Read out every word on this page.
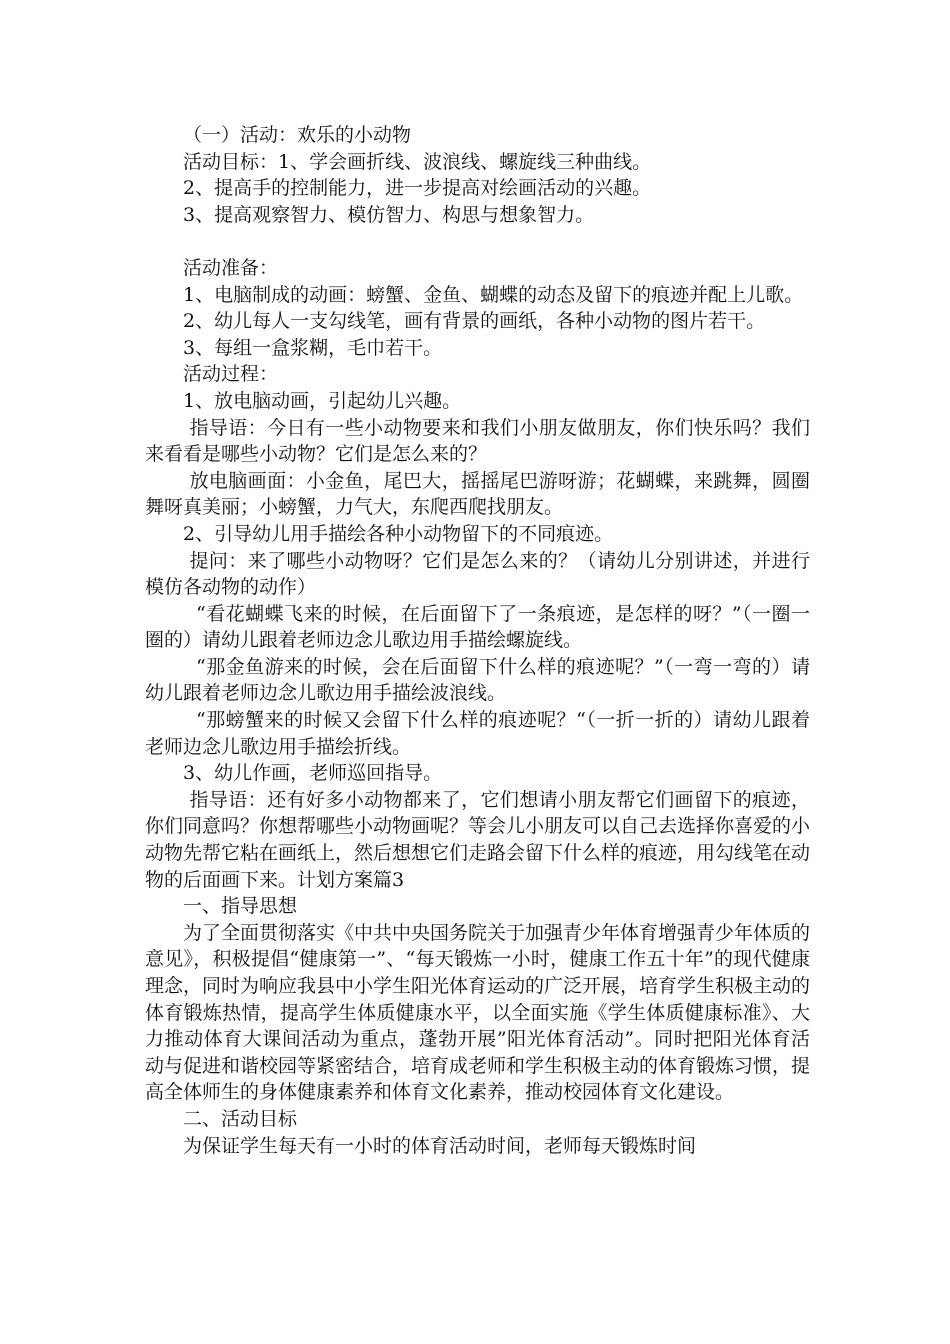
（一）活动：欢乐的小动物

活动目标：1、学会画折线、波浪线、螺旋线三种曲线。

2、提高手的控制能力，进一步提高对绘画活动的兴趣。

3、提高观察智力、模仿智力、构思与想象智力。

活动准备：

1、电脑制成的动画：螃蟹、金鱼、蝴蝶的动态及留下的痕迹并配上儿歌。

2、幼儿每人一支勾线笔，画有背景的画纸，各种小动物的图片若干。

3、每组一盒浆糊，毛巾若干。

活动过程：

1、放电脑动画，引起幼儿兴趣。

指导语：今日有一些小动物要来和我们小朋友做朋友，你们快乐吗？我们来看看是哪些小动物？它们是怎么来的？

放电脑画面：小金鱼，尾巴大，摇摇尾巴游呀游；花蝴蝶，来跳舞，圆圈舞呀真美丽；小螃蟹，力气大，东爬西爬找朋友。

2、引导幼儿用手描绘各种小动物留下的不同痕迹。

提问：来了哪些小动物呀？它们是怎么来的？（请幼儿分别讲述，并进行模仿各动物的动作）

“看花蝴蝶飞来的时候，在后面留下了一条痕迹，是怎样的呀？”（一圈一圈的）请幼儿跟着老师边念儿歌边用手描绘螺旋线。

“那金鱼游来的时候，会在后面留下什么样的痕迹呢？”（一弯一弯的）请幼儿跟着老师边念儿歌边用手描绘波浪线。

“那螃蟹来的时候又会留下什么样的痕迹呢？“（一折一折的）请幼儿跟着老师边念儿歌边用手描绘折线。

3、幼儿作画，老师巡回指导。

指导语：还有好多小动物都来了，它们想请小朋友帮它们画留下的痕迹，你们同意吗？你想帮哪些小动物画呢？等会儿小朋友可以自己去选择你喜爱的小动物先帮它粘在画纸上，然后想想它们走路会留下什么样的痕迹，用勾线笔在动物的后面画下来。计划方案篇3

一、指导思想

为了全面贯彻落实《中共中央国务院关于加强青少年体育增强青少年体质的意见》，积极提倡“健康第一”、“每天锻炼一小时，健康工作五十年”的现代健康理念，同时为响应我县中小学生阳光体育运动的广泛开展，培育学生积极主动的体育锻炼热情，提高学生体质健康水平，以全面实施《学生体质健康标准》、大力推动体育大课间活动为重点，蓬勃开展”阳光体育活动”。同时把阳光体育活动与促进和谐校园等紧密结合，培育成老师和学生积极主动的体育锻炼习惯，提高全体师生的身体健康素养和体育文化素养，推动校园体育文化建设。

二、活动目标

为保证学生每天有一小时的体育活动时间，老师每天锻炼时间
